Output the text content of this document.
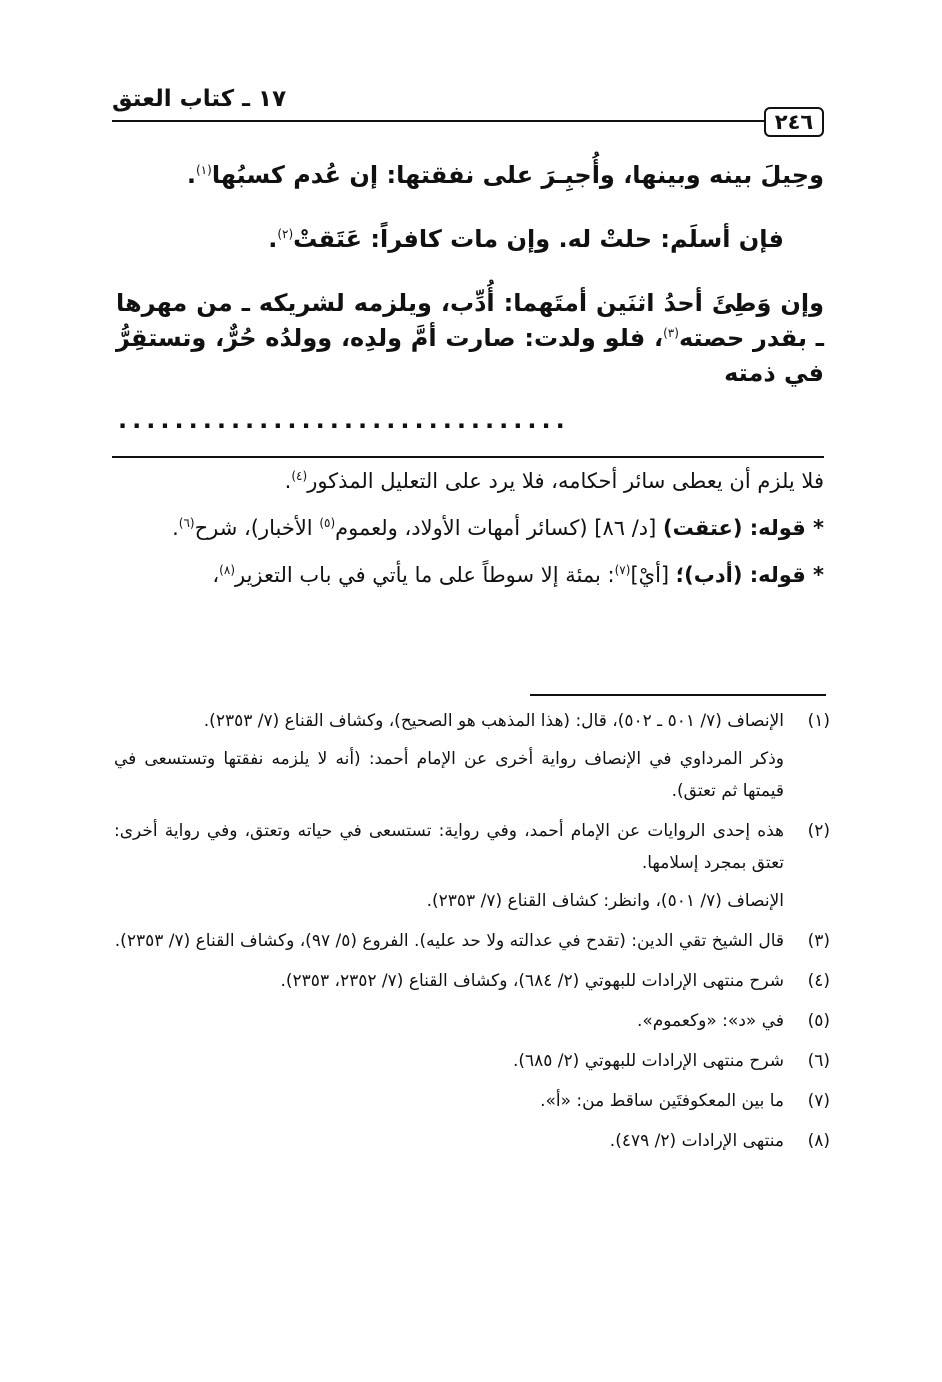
١٧ ـ كتاب العتق
٢٤٦

وحِيلَ بينه وبينها، وأُجبِـرَ على نفقتها: إن عُدم كسبُها$^{(١)}$.

فإن أسلَم: حلتْ له. وإن مات كافراً: عَتَقتْ$^{(٢)}$.

وإن وَطِئَ أحدُ اثنَين أمتَهما: أُدِّب، ويلزمه لشريكه ـ من مهرها ـ بقدر حصته$^{(٣)}$، فلو ولدت: صارت أمَّ ولدِه، وولدُه حُرٌّ، وتستقِرُّ في ذمته

................................

فلا يلزم أن يعطى سائر أحكامه، فلا يرد على التعليل المذكور$^{(٤)}$.

* قوله: (عتقت) [د/ ٨٦] (كسائر أمهات الأولاد، ولعموم$^{(٥)}$ الأخبار)، شرح$^{(٦)}$.

* قوله: (أدب)؛ [أيْ]$^{(٧)}$: بمئة إلا سوطاً على ما يأتي في باب التعزير$^{(٨)}$،

(١)

الإنصاف (٧/ ٥٠١ ـ ٥٠٢)، قال: (هذا المذهب هو الصحيح)، وكشاف القناع (٧/ ٢٣٥٣).

وذكر المرداوي في الإنصاف رواية أخرى عن الإمام أحمد: (أنه لا يلزمه نفقتها وتستسعى في قيمتها ثم تعتق).

(٢)

هذه إحدى الروايات عن الإمام أحمد، وفي رواية: تستسعى في حياته وتعتق، وفي رواية أخرى: تعتق بمجرد إسلامها.

الإنصاف (٧/ ٥٠١)، وانظر: كشاف القناع (٧/ ٢٣٥٣).

(٣)

قال الشيخ تقي الدين: (تقدح في عدالته ولا حد عليه). الفروع (٥/ ٩٧)، وكشاف القناع (٧/ ٢٣٥٣).

(٤)

شرح منتهى الإرادات للبهوتي (٢/ ٦٨٤)، وكشاف القناع (٧/ ٢٣٥٢، ٢٣٥٣).

(٥)

في «د»: «وكعموم».

(٦)

شرح منتهى الإرادات للبهوتي (٢/ ٦٨٥).

(٧)

ما بين المعكوفتَين ساقط من: «أ».

(٨)

منتهى الإرادات (٢/ ٤٧٩).
